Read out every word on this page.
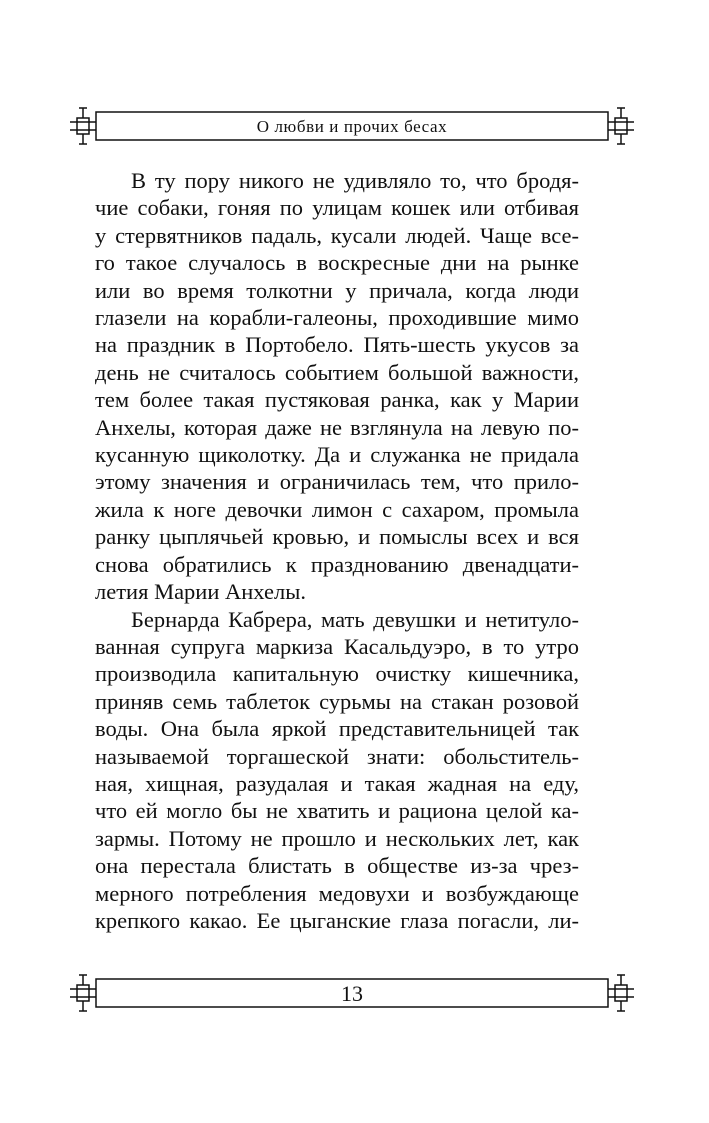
О любви и прочих бесах

В ту пору никого не удивляло то, что бродя-
чие собаки, гоняя по улицам кошек или отбивая
у стервятников падаль, кусали людей. Чаще все-
го такое случалось в воскресные дни на рынке
или во время толкотни у причала, когда люди
глазели на корабли-галеоны, проходившие мимо
на праздник в Портобело. Пять-шесть укусов за
день не считалось событием большой важности,
тем более такая пустяковая ранка, как у Марии
Анхелы, которая даже не взглянула на левую по-
кусанную щиколотку. Да и служанка не придала
этому значения и ограничилась тем, что прило-
жила к ноге девочки лимон с сахаром, промыла
ранку цыплячьей кровью, и помыслы всех и вся
снова обратились к празднованию двенадцати-
летия Марии Анхелы.

Бернарда Кабрера, мать девушки и нетитуло-
ванная супруга маркиза Касальдуэро, в то утро
производила капитальную очистку кишечника,
приняв семь таблеток сурьмы на стакан розовой
воды. Она была яркой представительницей так
называемой торгашеской знати: обольститель-
ная, хищная, разудалая и такая жадная на еду,
что ей могло бы не хватить и рациона целой ка-
зармы. Потому не прошло и нескольких лет, как
она перестала блистать в обществе из-за чрез-
мерного потребления медовухи и возбуждающе
крепкого какао. Ее цыганские глаза погасли, ли-

13
